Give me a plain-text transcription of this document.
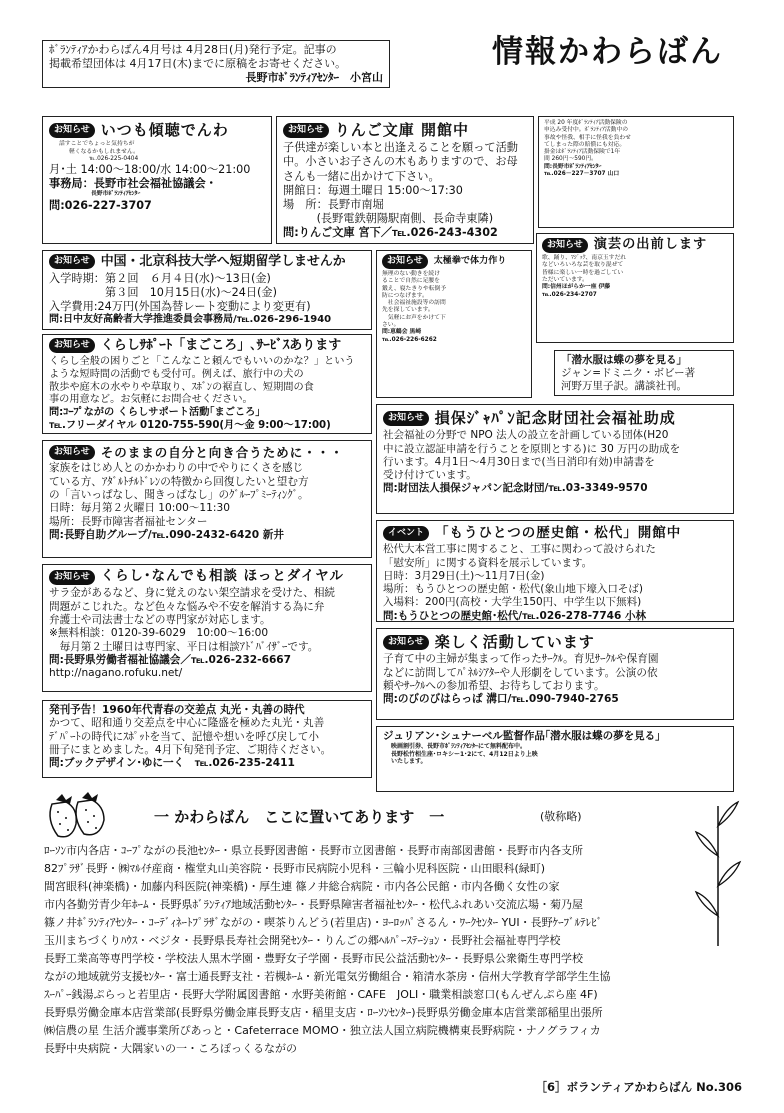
ﾎﾞﾗﾝﾃｨｱかわらばん4月号は 4月28日(月)発行予定。記事の
掲載希望団体は 4月17日(木)までに原稿をお寄せください。
長野市ﾎﾞﾗﾝﾃｨｱｾﾝﾀｰ　小宮山
情報かわらばん
お知らせ いつも傾聴でんわ
話すことでちょっと気持ちが
軽くなるかもしれません。
℡.026-225-0404
月･土 14:00～18:00/水 14:00～21:00
事務局：長野市社会福祉協議会・
長野市ﾎﾞﾗﾝﾃｨｱｾﾝﾀｰ
問:026-227-3707
お知らせ りんご文庫 開館中
子供達が楽しい本と出逢えることを願って活動
中。小さいお子さんの木もありますので、お母
さんも一緒に出かけて下さい。
開館日：毎週土曜日 15:00～17:30
場　所：長野市南堀
　　　(長野電鉄朝陽駅南側、長命寺東隣)
問:りんご文庫 宮下／℡.026-243-4302
平成 20 年度ﾎﾞﾗﾝﾃｨｱ活動保険の
申込み受付中。ﾎﾞﾗﾝﾃｨｱ活動中の
事故や怪我、相手に怪我を負わせ
てしまった際の賠償にも対応。
掛金はﾎﾞﾗﾝﾃｨｱ活動保険で1年
間 260円～590円。
問:長野市ﾎﾞﾗﾝﾃｨｱｾﾝﾀｰ
℡.026－227－3707 山口
お知らせ 中国・北京科技大学へ短期留学しませんか
入学時期：第２回　６月４日(水)～13日(金)
　　　　　第３回　10月15日(水)～24日(金)
入学費用:24万円(外国為替レート変動により変更有)
問:日中友好高齢者大学推進委員会事務局/℡.026-296-1940
お知らせ	太極拳で体力作り
無理のない動きを続け
ることで自然に足腰を
鍛え、寝たきりや転倒予
防につなげます。
　社会福祉施設等の訪問
先を探しています。
　気軽にお声をかけて下
さい。
問:恵鶴会 黒崎
℡.026-226-6262
お知らせ 演芸の出前します
歌、踊り、ﾏｼﾞｯｸ、南京玉すだれ
などいろいろな芸を取り混ぜて
皆様に楽しい一時を過ごしてい
ただいています。
問:信州ほがらか一座 伊藤
℡.026-234-2707
お知らせ くらしｻﾎﾟｰﾄ「まごころ」､ｻｰﾋﾞｽあります
くらし全般の困りごと「こんなこと頼んでもいいのかな？」という
ような短時間の活動でも受付可。例えば、旅行中の犬の
散歩や庭木の水やりや草取り、ｽﾎﾞﾝの裾直し、短期間の食
事の用意など。お気軽にお問合せください。
問:ｺｰﾌﾟながの くらしサポート活動｢まごころ｣
℡.フリーダイヤル 0120-755-590(月～金 9:00～17:00)
「潜水服は蝶の夢を見る」
ジャン=ドミニク・ボビー著
河野万里子訳。講談社刊。
お知らせ 損保ｼﾞｬﾊﾟﾝ記念財団社会福祉助成
社会福祉の分野で NPO 法人の設立を計画している団体(H20
中に設立認証申請を行うことを原則とする)に 30 万円の助成を
行います。4月1日～4月30日まで(当日消印有効)申請書を
受け付けています。
問:財団法人損保ジャパン記念財団/℡.03-3349-9570
お知らせ そのままの自分と向き合うために・・・
家族をはじめ人とのかかわりの中でやりにくさを感じ
ている方、ｱﾀﾞﾙﾄﾁﾙﾄﾞﾚﾝの特徴から回復したいと望む方
の「言いっぱなし、聞きっぱなし」のｸﾞﾙｰﾌﾟﾐｰﾃｨﾝｸﾞ。
日時：毎月第２火曜日 10:00～11:30
場所：長野市障害者福祉センター
問:長野自助グループ/℡.090-2432-6420 新井	イベント 「もうひとつの歴史館・松代」開館中
松代大本営工事に関すること、工事に関わって設けられた
「慰安所」に関する資料を展示しています。
日時：3月29日(土)～11月7日(金)
場所：もうひとつの歴史館・松代(象山地下壕入口そば)
入場料：200円(高校・大学生150円、中学生以下無料)
問:もうひとつの歴史館･松代/℡.026-278-7746 小林
お知らせ くらし･なんでも相談 ほっとダイヤル
サラ金があるなど、身に覚えのない架空請求を受けた、相続
問題がこじれた。など色々な悩みや不安を解消する為に弁
弁護士や司法書士などの専門家が対応します。
※無料相談：0120-39-6029　10:00～16:00
　毎月第２土曜日は専門家、平日は相談ｱﾄﾞﾊﾞｲｻﾞｰです。
問:長野県労働者福祉協議会／℡.026-232-6667
http://nagano.rofuku.net/
お知らせ 楽しく活動しています
子育て中の主婦が集まって作ったｻｰｸﾙ。育児ｻｰｸﾙや保育園
などに訪問してﾊﾟﾈﾙｼｱﾀｰや人形劇をしています。公演の依
頼やｻｰｸﾙへの参加希望、お待ちしております。
問:のびのびはらっぱ 溝口/℡.090-7940-2765
発刊予告！1960年代青春の交差点 丸光・丸善の時代
かつて、昭和通り交差点を中心に隆盛を極めた丸光・丸善
ﾃﾞﾊﾟｰﾄの時代にｽﾎﾟｯﾄを当て、記憶や想いを呼び戻して小
冊子にまとめました。4月下旬発刊予定、ご期待ください。
問:ブックデザイン･ゆに一く　℡.026-235-2411
ジュリアン･シュナーベル監督作品｢潜水服は蝶の夢を見る｣
映画割引券、長野市ﾎﾞﾗﾝﾃｨｱｾﾝﾀｰにて無料配布中。
長野松竹相生座･ロキシー1･2にて、4月12日より上映
いたします。
一 かわらばん　ここに置いてあります　一	(敬称略)
ﾛｰｿﾝ市内各店・ｺｰﾌﾟながの長池ｾﾝﾀｰ・県立長野図書館・長野市立図書館・長野市南部図書館・長野市内各支所
82ﾌﾟﾗｻﾞ長野・㈱ﾏﾙｲﾁ産商・権堂丸山美容院・長野市民病院小児科・三輪小児科医院・山田眼科(緑町)
間宮眼科(神楽橋)・加藤内科医院(神楽橋)・厚生連 篠ノ井総合病院・市内各公民館・市内各働く女性の家
市内各勤労青少年ﾎｰﾑ・長野県ﾎﾞﾗﾝﾃｨｱ地域活動ｾﾝﾀｰ・長野県障害者福祉ｾﾝﾀｰ・松代ふれあい交流広場・菊乃屋
篠ノ井ﾎﾞﾗﾝﾃｨｱｾﾝﾀｰ・ｺｰﾃﾞｨﾈｰﾄﾌﾟﾗｻﾞながの・喫茶りんどう(若里店)・ﾖｰﾛｯﾊﾟさるん・ﾜｰｸｾﾝﾀｰ YUI・長野ｹｰﾌﾞﾙﾃﾚﾋﾞ
玉川まちづくりﾊｳｽ・ベジタ・長野県長寿社会開発ｾﾝﾀｰ・りんごの郷ﾍﾙﾊﾟｰｽﾃｰｼｮﾝ・長野社会福祉専門学校
長野工業高等専門学校・学校法人黒木学園・豊野女子学園・長野市民公益活動ｾﾝﾀｰ・長野県公衆衛生専門学校
ながの地域就労支援ｾﾝﾀｰ・富士通長野支社・若槻ﾎｰﾑ・新光電気労働組合・箱清水茶房・信州大学教育学部学生生協
ｽｰﾊﾟｰ銭湯ぷらっと若里店・長野大学附属図書館・水野美術館・CAFE　JOLI・職業相談窓口(もんぜんぷら座 4F)
長野県労働金庫本店営業部(長野県労働金庫長野支店・稲里支店・ﾛｰｿﾝｾﾝﾀｰ)長野県労働金庫本店営業部稲里出張所
㈱信農の星 生活介護事業所ぴあっと・Cafeterrace MOMO・独立法人国立病院機構東長野病院・ナノグラフィカ
長野中央病院・大隅家いの一・ころぽっくるながの
［6］ボランティアかわらばん No.306
